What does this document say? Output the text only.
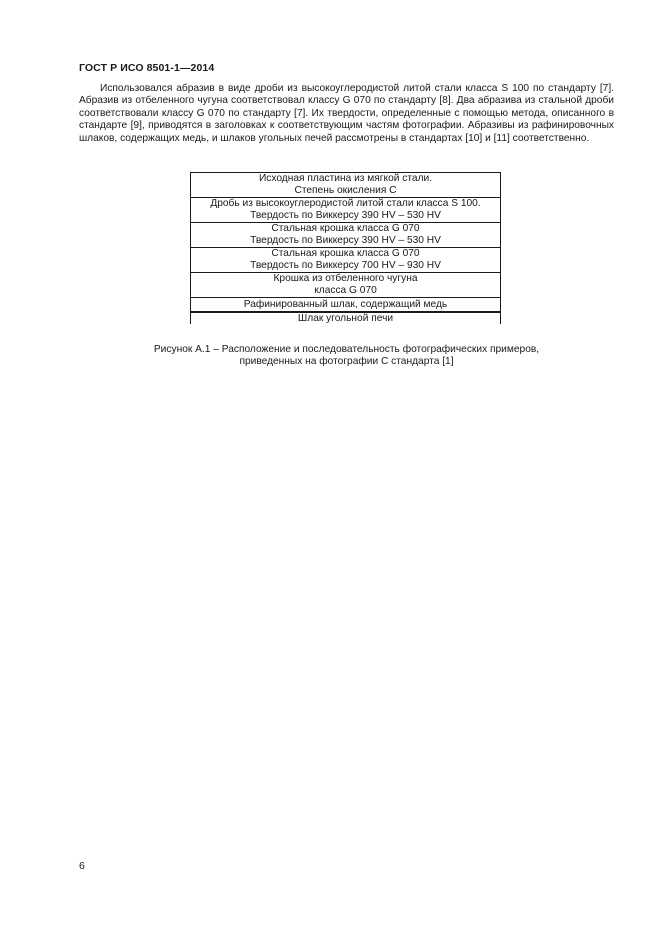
ГОСТ Р ИСО 8501-1—2014

Использовался абразив в виде дроби из высокоуглеродистой литой стали класса S 100 по стандарту [7]. Абразив из отбеленного чугуна соответствовал классу G 070 по стандарту [8]. Два абразива из стальной дроби соответствовали классу G 070 по стандарту [7]. Их твердости, определенные с помощью метода, описанного в стандарте [9], приводятся в заголовках к соответствующим частям фотографии. Абразивы из рафинировочных шлаков, содержащих медь, и шлаков угольных печей рассмотрены в стандартах [10] и [11] соответственно.

Исходная пластина из мягкой стали.
Степень окисления C

Дробь из высокоуглеродистой литой стали класса S 100.
Твердость по Виккерсу 390 HV – 530 HV

Стальная крошка класса G 070
Твердость по Виккерсу 390 HV – 530 HV

Стальная крошка класса G 070
Твердость по Виккерсу 700 HV – 930 HV

Крошка из отбеленного чугуна
класса G 070

Рафинированный шлак, содержащий медь

Шлак угольной печи
Рисунок А.1 – Расположение и последовательность фотографических примеров,
приведенных на фотографии C стандарта [1]
6
